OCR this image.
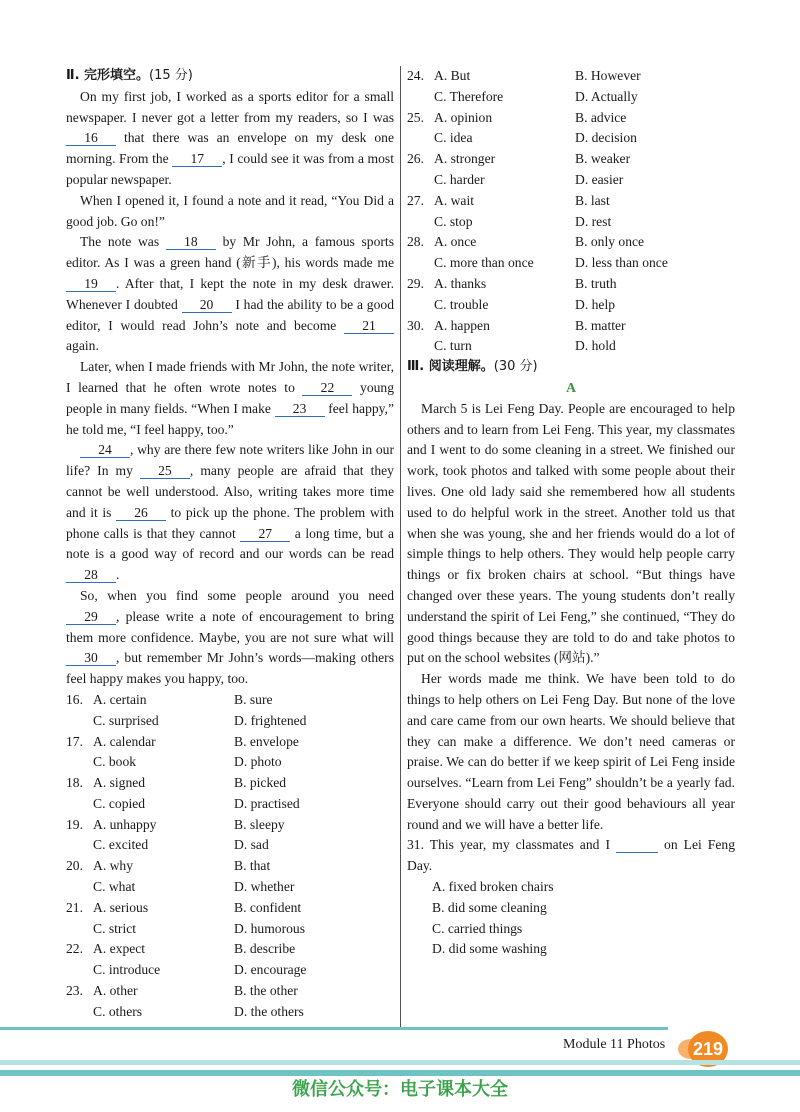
Ⅱ. 完形填空。(15 分)

On my first job, I worked as a sports editor for a small newspaper. I never got a letter from my readers, so I was 16 that there was an envelope on my desk one morning. From the 17 , I could see it was from a most popular newspaper.

When I opened it, I found a note and it read, “You Did a good job. Go on!”

The note was 18 by Mr John, a famous sports editor. As I was a green hand (新手), his words made me 19 . After that, I kept the note in my desk drawer. Whenever I doubted 20 I had the ability to be a good editor, I would read John’s note and become 21 again.

Later, when I made friends with Mr John, the note writer, I learned that he often wrote notes to 22 young people in many fields. “When I make 23 feel happy,” he told me, “I feel happy, too.”

24 , why are there few note writers like John in our life? In my 25 , many people are afraid that they cannot be well understood. Also, writing takes more time and it is 26 to pick up the phone. The problem with phone calls is that they cannot 27 a long time, but a note is a good way of record and our words can be read 28 .

So, when you find some people around you need 29 , please write a note of encouragement to bring them more confidence. Maybe, you are not sure what will 30 , but remember Mr John’s words—making others feel happy makes you happy, too.

16. A. certain	B. sure
C. surprised	D. frightened
17. A. calendar	B. envelope
C. book	D. photo
18. A. signed	B. picked
C. copied	D. practised
19. A. unhappy	B. sleepy
C. excited	D. sad
20. A. why	B. that
C. what	D. whether
21. A. serious	B. confident
C. strict	D. humorous
22. A. expect	B. describe
C. introduce	D. encourage
23. A. other	B. the other
C. others	D. the others
24. A. But	B. However
C. Therefore	D. Actually
25. A. opinion	B. advice
C. idea	D. decision
26. A. stronger	B. weaker
C. harder	D. easier
27. A. wait	B. last
C. stop	D. rest
28. A. once	B. only once
C. more than once	D. less than once
29. A. thanks	B. truth
C. trouble	D. help
30. A. happen	B. matter
C. turn	D. hold
Ⅲ. 阅读理解。(30 分)
A

March 5 is Lei Feng Day. People are encouraged to help others and to learn from Lei Feng. This year, my classmates and I went to do some cleaning in a street. We finished our work, took photos and talked with some people about their lives. One old lady said she remembered how all students used to do helpful work in the street. Another told us that when she was young, she and her friends would do a lot of simple things to help others. They would help people carry things or fix broken chairs at school. “But things have changed over these years. The young students don’t really understand the spirit of Lei Feng,” she continued, “They do good things because they are told to do and take photos to put on the school websites (网站).”

Her words made me think. We have been told to do things to help others on Lei Feng Day. But none of the love and care came from our own hearts. We should believe that they can make a difference. We don’t need cameras or praise. We can do better if we keep spirit of Lei Feng inside ourselves. “Learn from Lei Feng” shouldn’t be a yearly fad. Everyone should carry out their good behaviours all year round and we will have a better life.

31. This year, my classmates and I	on Lei Feng Day.

A. fixed broken chairs
B. did some cleaning
C. carried things
D. did some washing
Module 11 Photos 219
微信公众号：电子课本大全
